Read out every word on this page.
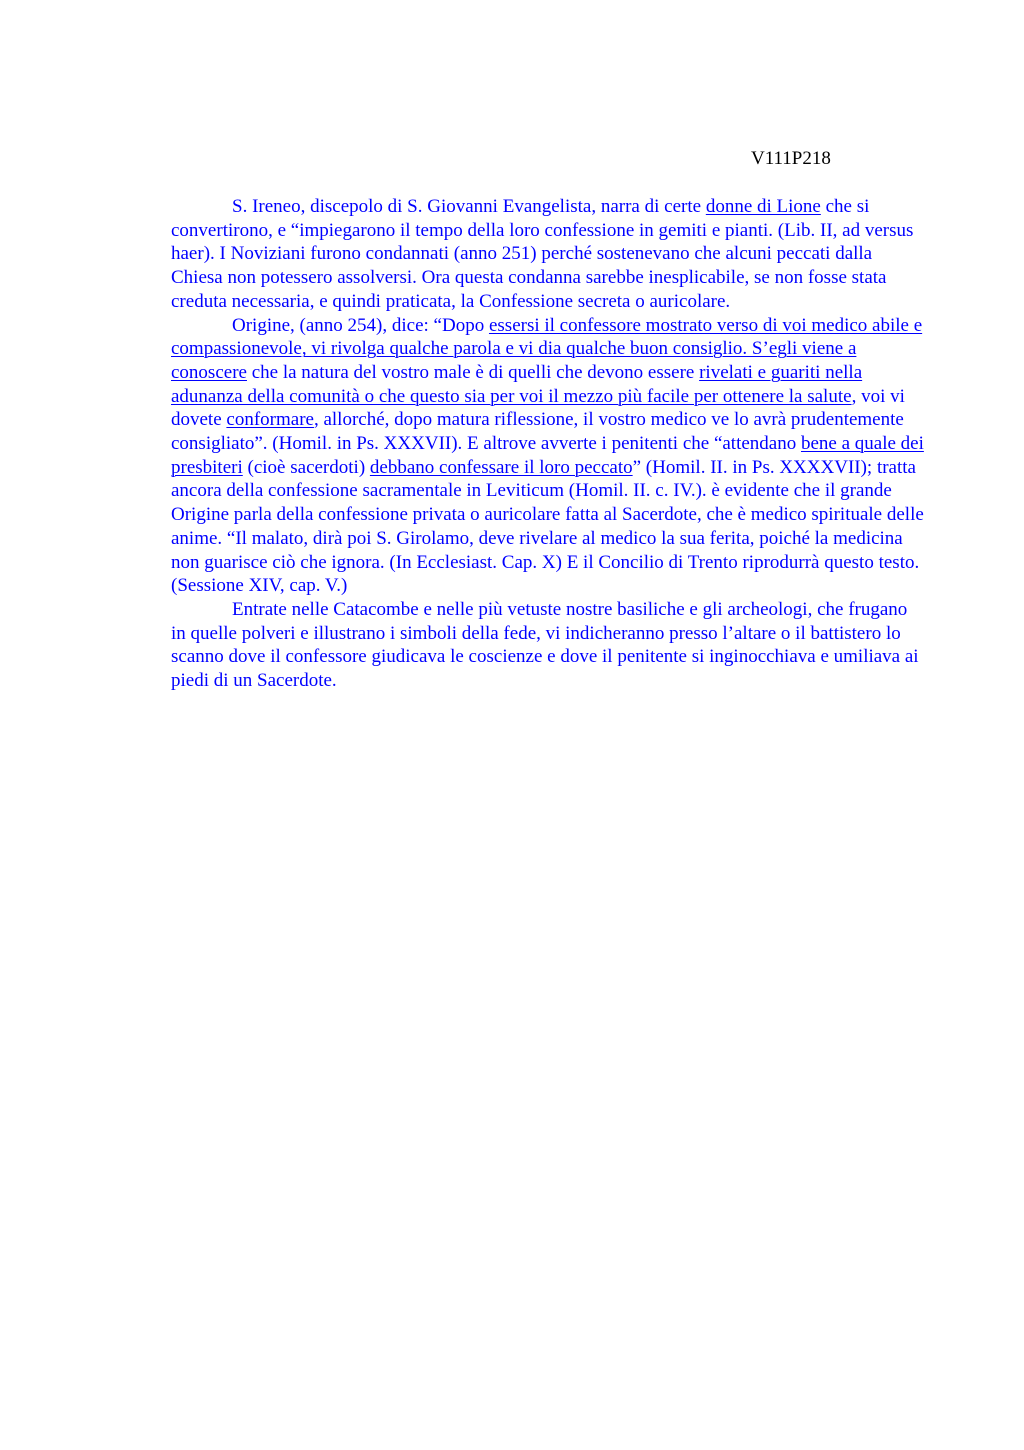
V111P218

S. Ireneo, discepolo di S. Giovanni Evangelista, narra di certe donne di Lione che si convertirono, e “impiegarono il tempo della loro confessione in gemiti e pianti. (Lib. II, ad versus haer). I Noviziani furono condannati (anno 251) perché sostenevano che alcuni peccati dalla Chiesa non potessero assolversi. Ora questa condanna sarebbe inesplicabile, se non fosse stata creduta necessaria, e quindi praticata, la Confessione secreta o auricolare.

Origine, (anno 254), dice: “Dopo essersi il confessore mostrato verso di voi medico abile e compassionevole, vi rivolga qualche parola e vi dia qualche buon consiglio. S’egli viene a conoscere che la natura del vostro male è di quelli che devono essere rivelati e guariti nella adunanza della comunità o che questo sia per voi il mezzo più facile per ottenere la salute, voi vi dovete conformare, allorché, dopo matura riflessione, il vostro medico ve lo avrà prudentemente consigliato”. (Homil. in Ps. XXXVII). E altrove avverte i penitenti che “attendano bene a quale dei presbiteri (cioè sacerdoti) debbano confessare il loro peccato” (Homil. II. in Ps. XXXXVII); tratta ancora della confessione sacramentale in Leviticum (Homil. II. c. IV.). è evidente che il grande Origine parla della confessione privata o auricolare fatta al Sacerdote, che è medico spirituale delle anime. “Il malato, dirà poi S. Girolamo, deve rivelare al medico la sua ferita, poiché la medicina non guarisce ciò che ignora. (In Ecclesiast. Cap. X) E il Concilio di Trento riprodurrà questo testo. (Sessione XIV, cap. V.)

Entrate nelle Catacombe e nelle più vetuste nostre basiliche e gli archeologi, che frugano in quelle polveri e illustrano i simboli della fede, vi indicheranno presso l’altare o il battistero lo scanno dove il confessore giudicava le coscienze e dove il penitente si inginocchiava e umiliava ai piedi di un Sacerdote.
